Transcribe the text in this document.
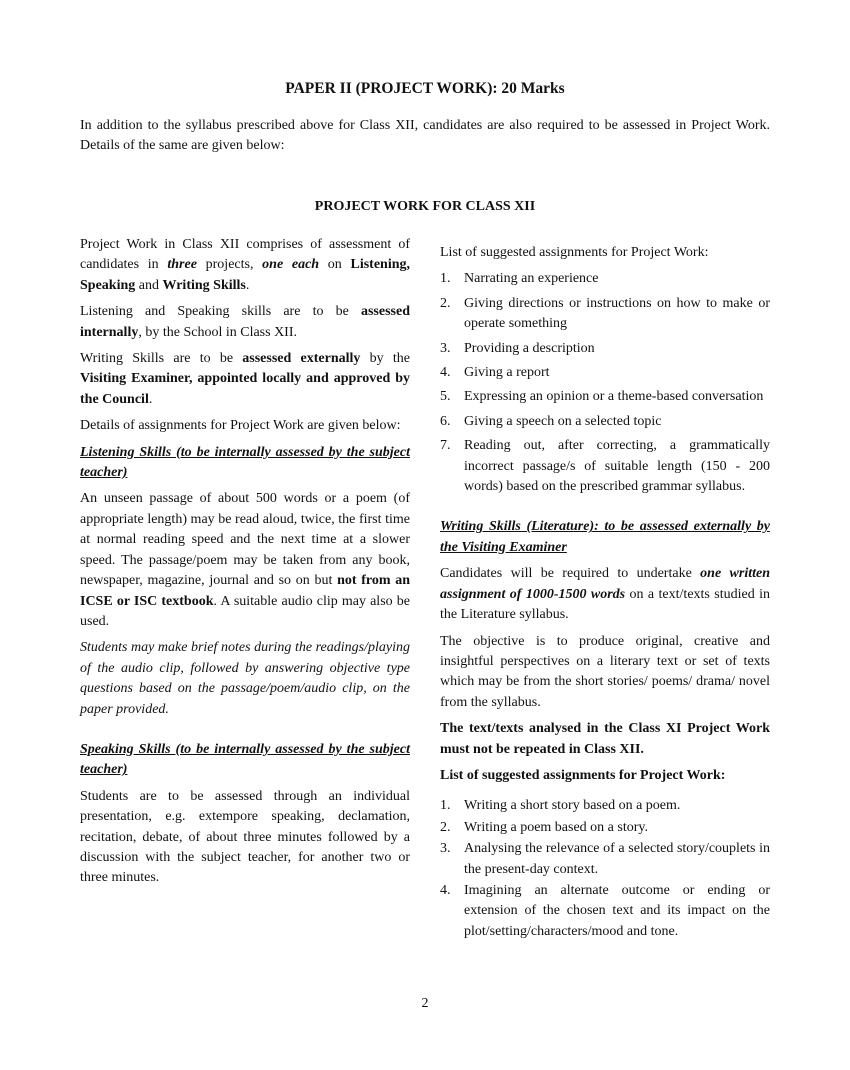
PAPER II (PROJECT WORK): 20 Marks

In addition to the syllabus prescribed above for Class XII, candidates are also required to be assessed in Project Work. Details of the same are given below:

PROJECT WORK FOR CLASS XII

Project Work in Class XII comprises of assessment of candidates in three projects, one each on Listening, Speaking and Writing Skills.

Listening and Speaking skills are to be assessed internally, by the School in Class XII.

Writing Skills are to be assessed externally by the Visiting Examiner, appointed locally and approved by the Council.

Details of assignments for Project Work are given below:

Listening Skills (to be internally assessed by the subject teacher)

An unseen passage of about 500 words or a poem (of appropriate length) may be read aloud, twice, the first time at normal reading speed and the next time at a slower speed. The passage/poem may be taken from any book, newspaper, magazine, journal and so on but not from an ICSE or ISC textbook. A suitable audio clip may also be used.

Students may make brief notes during the readings/playing of the audio clip, followed by answering objective type questions based on the passage/poem/audio clip, on the paper provided.

Speaking Skills (to be internally assessed by the subject teacher)

Students are to be assessed through an individual presentation, e.g. extempore speaking, declamation, recitation, debate, of about three minutes followed by a discussion with the subject teacher, for another two or three minutes.

List of suggested assignments for Project Work:

1. Narrating an experience
2. Giving directions or instructions on how to make or operate something
3. Providing a description
4. Giving a report
5. Expressing an opinion or a theme-based conversation
6. Giving a speech on a selected topic
7. Reading out, after correcting, a grammatically incorrect passage/s of suitable length (150 - 200 words) based on the prescribed grammar syllabus.

Writing Skills (Literature): to be assessed externally by the Visiting Examiner

Candidates will be required to undertake one written assignment of 1000-1500 words on a text/texts studied in the Literature syllabus.

The objective is to produce original, creative and insightful perspectives on a literary text or set of texts which may be from the short stories/ poems/ drama/ novel from the syllabus.

The text/texts analysed in the Class XI Project Work must not be repeated in Class XII.

List of suggested assignments for Project Work:

1. Writing a short story based on a poem.
2. Writing a poem based on a story.
3. Analysing the relevance of a selected story/couplets in the present-day context.
4. Imagining an alternate outcome or ending or extension of the chosen text and its impact on the plot/setting/characters/mood and tone.
2
